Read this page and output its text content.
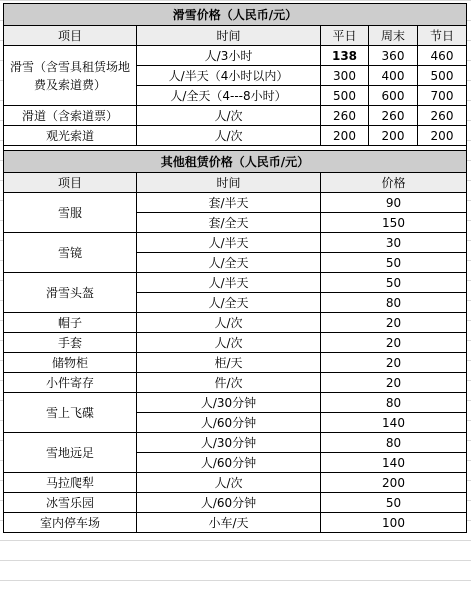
滑雪价格（人民币/元）				
项目	时间	平日	周末	节日
滑雪（含雪具租赁场地费及索道费）	人/3小时	138	360	460
	人/半天（4小时以内）	300	400	500
	人/全天（4---8小时）	500	600	700
滑道（含索道票）	人/次	260	260	260
观光索道	人/次	200	200	200

其他租赁价格（人民币/元）				
项目	时间	价格		
雪服	套/半天	90		
	套/全天	150		
雪镜	人/半天	30		
	人/全天	50		
滑雪头盔	人/半天	50		
	人/全天	80		
帽子	人/次	20		
手套	人/次	20		
储物柜	柜/天	20		
小件寄存	件/次	20		
雪上飞碟	人/30分钟	80		
	人/60分钟	140		
雪地远足	人/30分钟	80		
	人/60分钟	140		
马拉爬犁	人/次	200		
冰雪乐园	人/60分钟	50		
室内停车场	小车/天	100		
